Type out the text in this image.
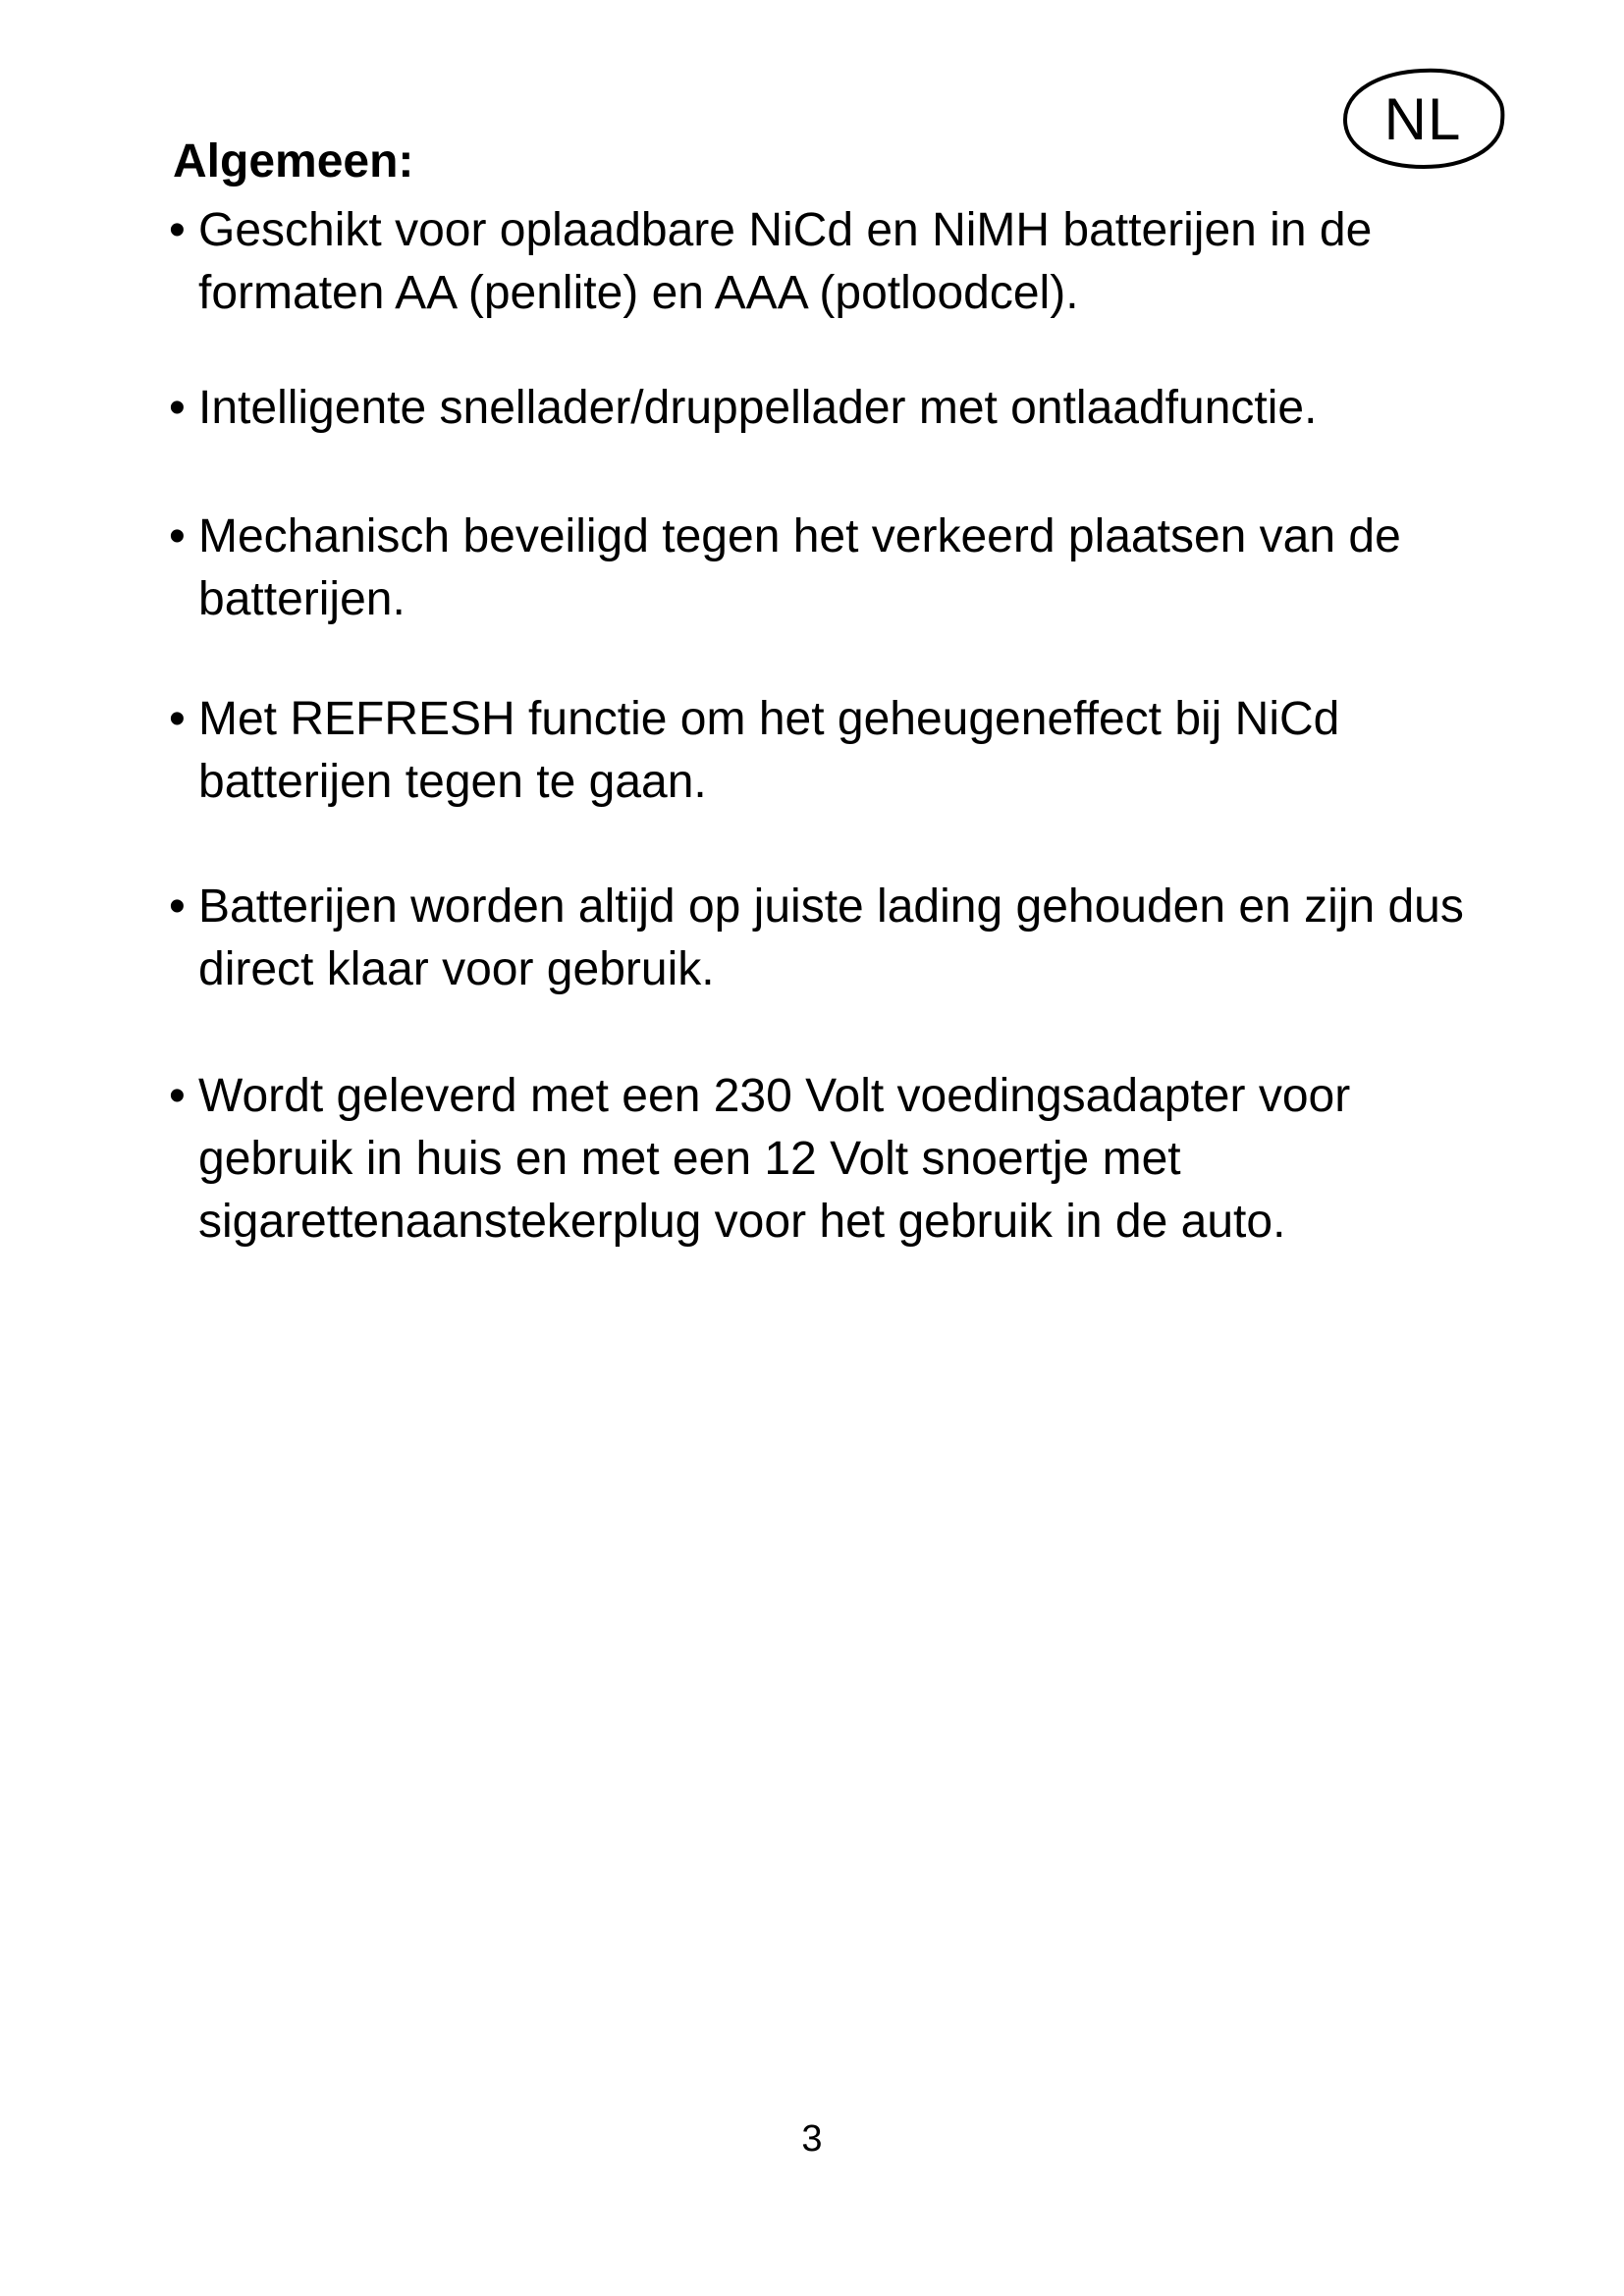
NL
Algemeen:
• Geschikt voor oplaadbare NiCd en NiMH batterijen in de formaten AA (penlite) en AAA (potloodcel).
• Intelligente snellader/druppellader met ontlaadfunctie.
• Mechanisch beveiligd tegen het verkeerd plaatsen van de batterijen.
• Met REFRESH functie om het geheugeneffect bij NiCd batterijen tegen te gaan.
• Batterijen worden altijd op juiste lading gehouden en zijn dus direct klaar voor gebruik.
• Wordt geleverd met een 230 Volt voedingsadapter voor gebruik in huis en met een 12 Volt snoertje met sigarettenaanstekerplug voor het gebruik in de auto.
3
